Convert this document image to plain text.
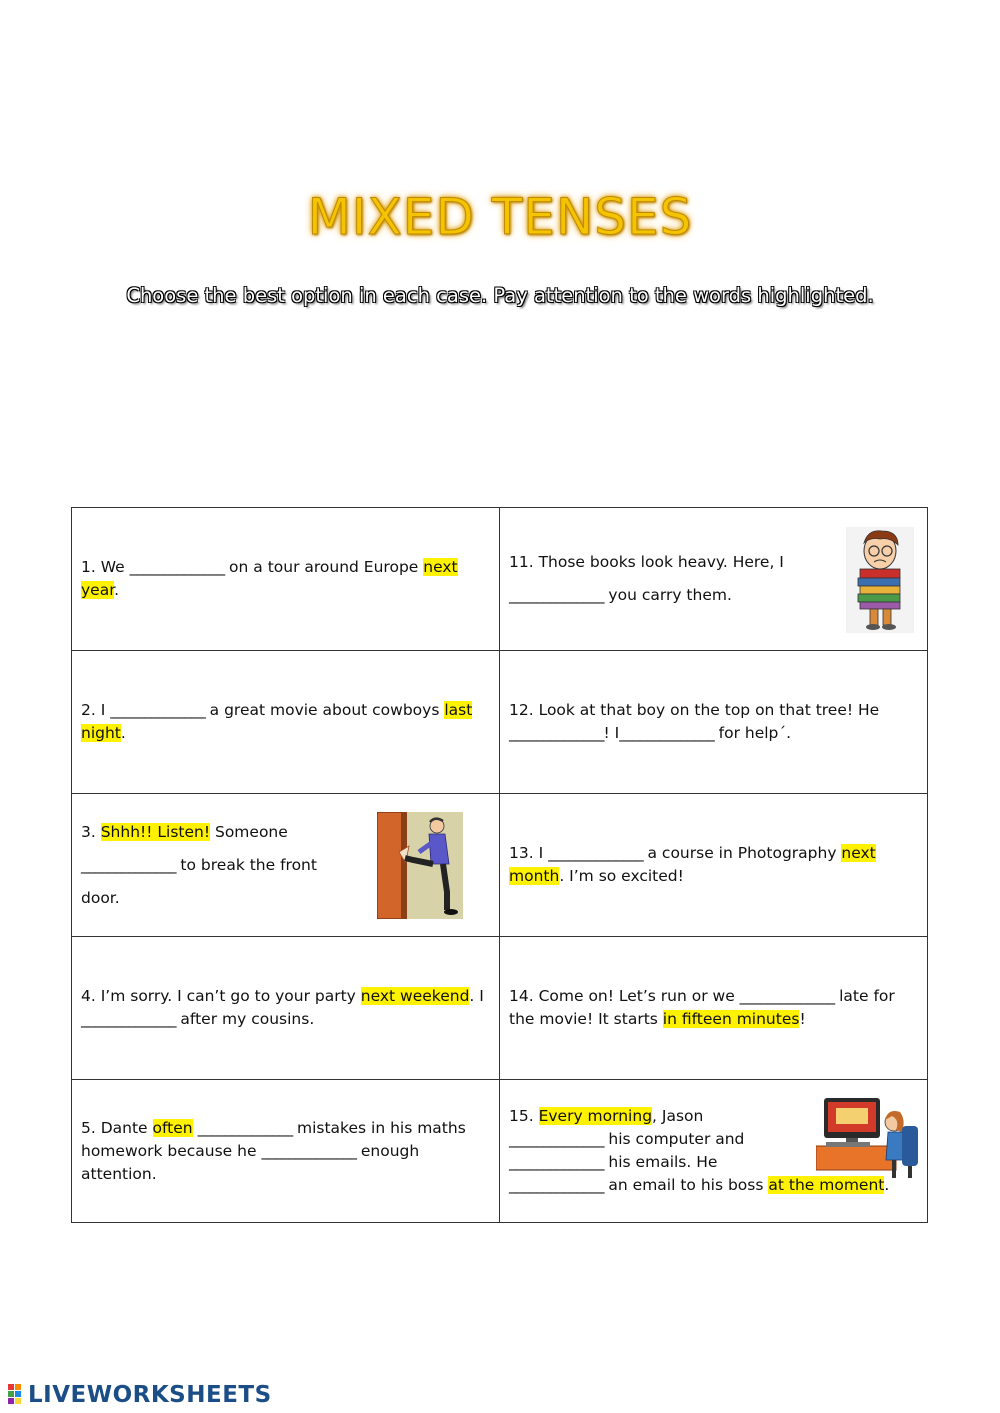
MIXED TENSES
Choose the best option in each case. Pay attention to the words highlighted.
1. We ______________ on a tour around Europe next year.	11. Those books look heavy. Here, I
______________ you carry them.

2. I ______________ a great movie about cowboys last night.	12. Look at that boy on the top on that tree! He
______________! I______________ for help´.

3. Shhh!! Listen! Someone
______________ to break the front
door.	13. I ______________ a course in Photography next month. I’m so excited!
4. I’m sorry. I can’t go to your party next weekend. I
______________ after my cousins.	14. Come on! Let’s run or we ______________ late for the movie! It starts in fifteen minutes!
5. Dante often ______________ mistakes in his maths
homework because he ______________ enough
attention.	15. Every morning, Jason
______________ his computer and
______________ his emails. He
______________ an email to his boss at the moment.
LIVEWORKSHEETS
